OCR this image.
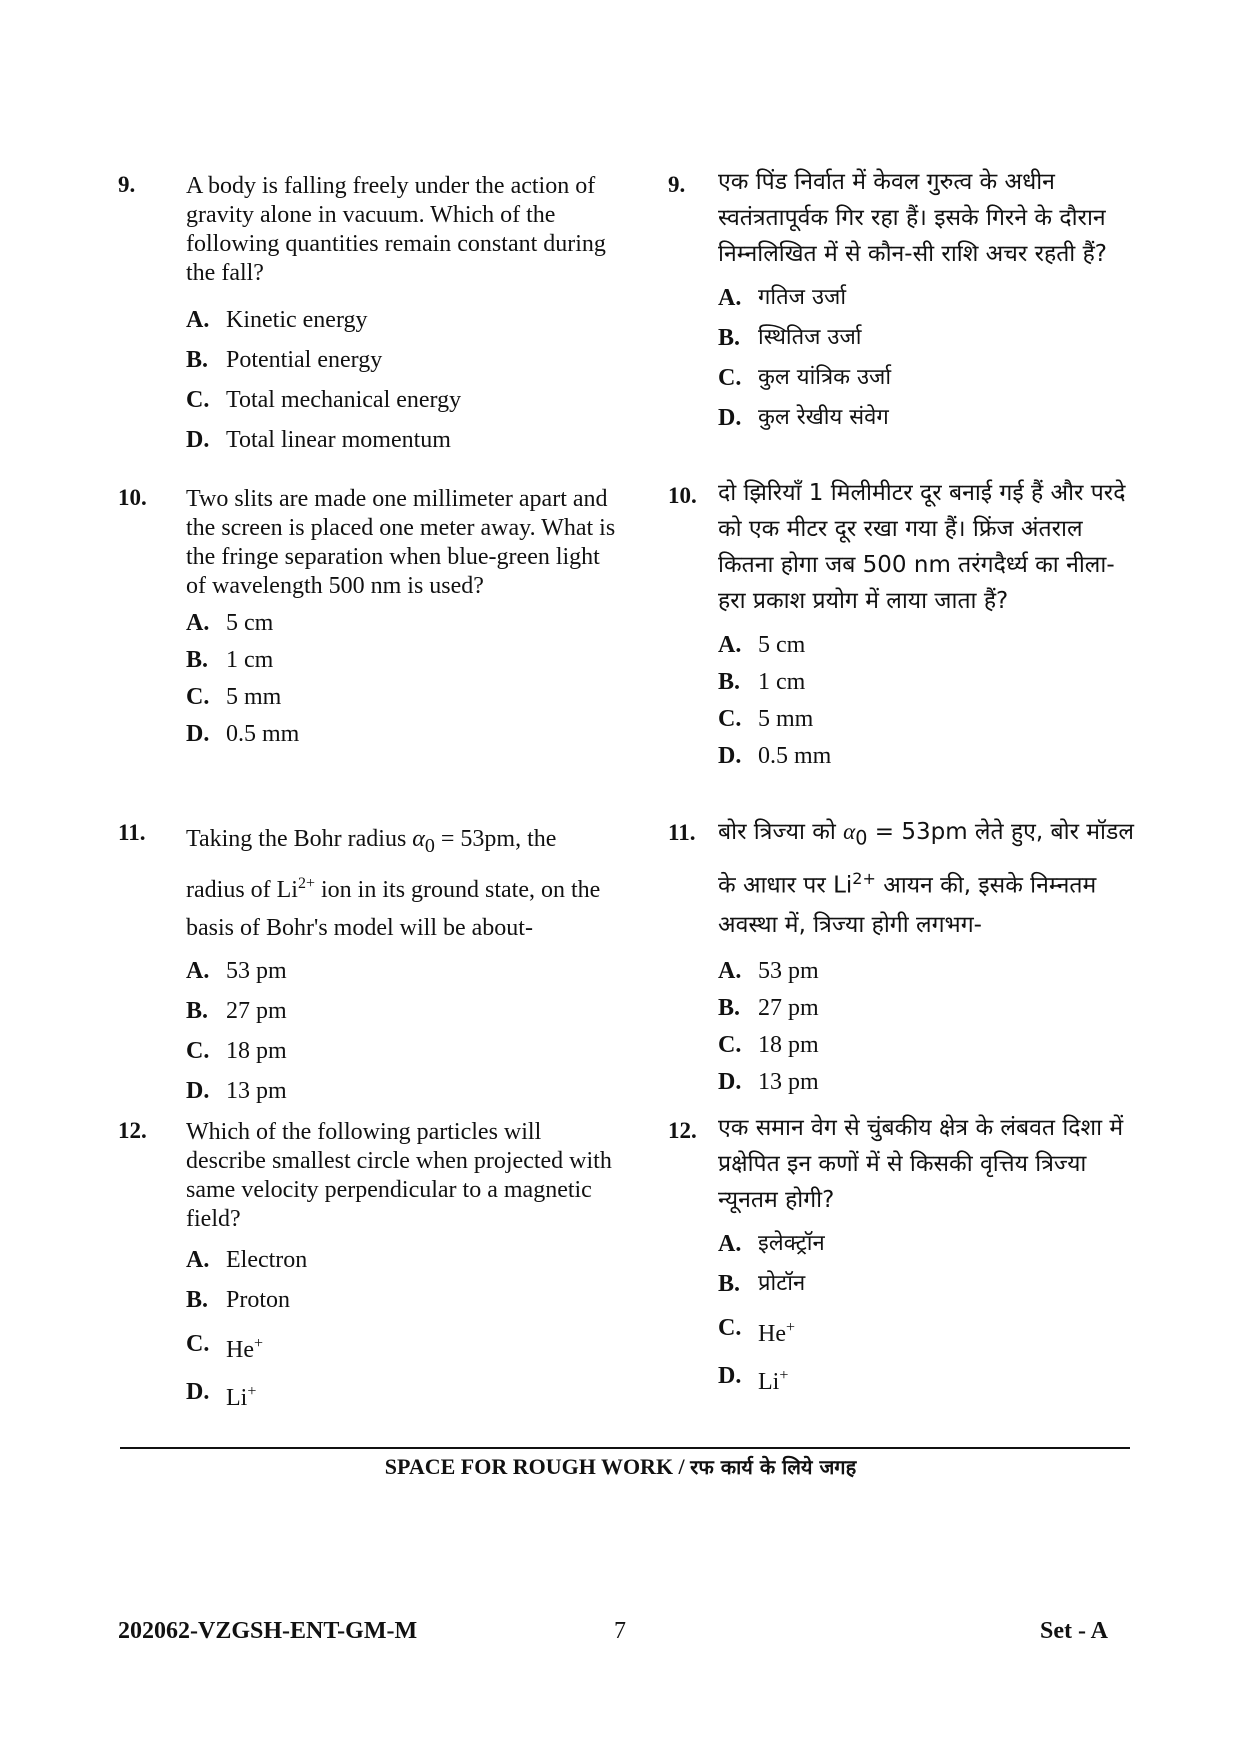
9. A body is falling freely under the action of gravity alone in vacuum. Which of the following quantities remain constant during the fall?
A. Kinetic energy
B. Potential energy
C. Total mechanical energy
D. Total linear momentum
10. Two slits are made one millimeter apart and the screen is placed one meter away. What is the fringe separation when blue-green light of wavelength 500 nm is used?
A. 5 cm
B. 1 cm
C. 5 mm
D. 0.5 mm
11. Taking the Bohr radius $\alpha_0 = 53pm$, the radius of $Li^{2+}$ ion in its ground state, on the basis of Bohr's model will be about-
A. 53 pm
B. 27 pm
C. 18 pm
D. 13 pm
12. Which of the following particles will describe smallest circle when projected with same velocity perpendicular to a magnetic field?
A. Electron
B. Proton
C. He+
D. Li+
9. एक पिंड निर्वात में केवल गुरुत्व के अधीन स्वतंत्रतापूर्वक गिर रहा हैं। इसके गिरने के दौरान निम्नलिखित में से कौन-सी राशि अचर रहती हैं?
A. गतिज उर्जा
B. स्थितिज उर्जा
C. कुल यांत्रिक उर्जा
D. कुल रेखीय संवेग
10. दो झिरियाँ 1 मिलीमीटर दूर बनाई गई हैं और परदे को एक मीटर दूर रखा गया हैं। फ्रिंज अंतराल कितना होगा जब 500 nm तरंगदैर्ध्य का नीला-हरा प्रकाश प्रयोग में लाया जाता हैं?
A. 5 cm
B. 1 cm
C. 5 mm
D. 0.5 mm
11. बोर त्रिज्या को $\alpha_0 = 53pm$ लेते हुए, बोर मॉडल के आधार पर $Li^{2+}$ आयन की, इसके निम्नतम अवस्था में, त्रिज्या होगी लगभग-
A. 53 pm
B. 27 pm
C. 18 pm
D. 13 pm
12. एक समान वेग से चुंबकीय क्षेत्र के लंबवत दिशा में प्रक्षेपित इन कणों में से किसकी वृत्तिय त्रिज्या न्यूनतम होगी?
A. इलेक्ट्रॉन
B. प्रोटॉन
C. He+
D. Li+
SPACE FOR ROUGH WORK / रफ कार्य के लिये जगह
202062-VZGSH-ENT-GM-M	7	Set - A
